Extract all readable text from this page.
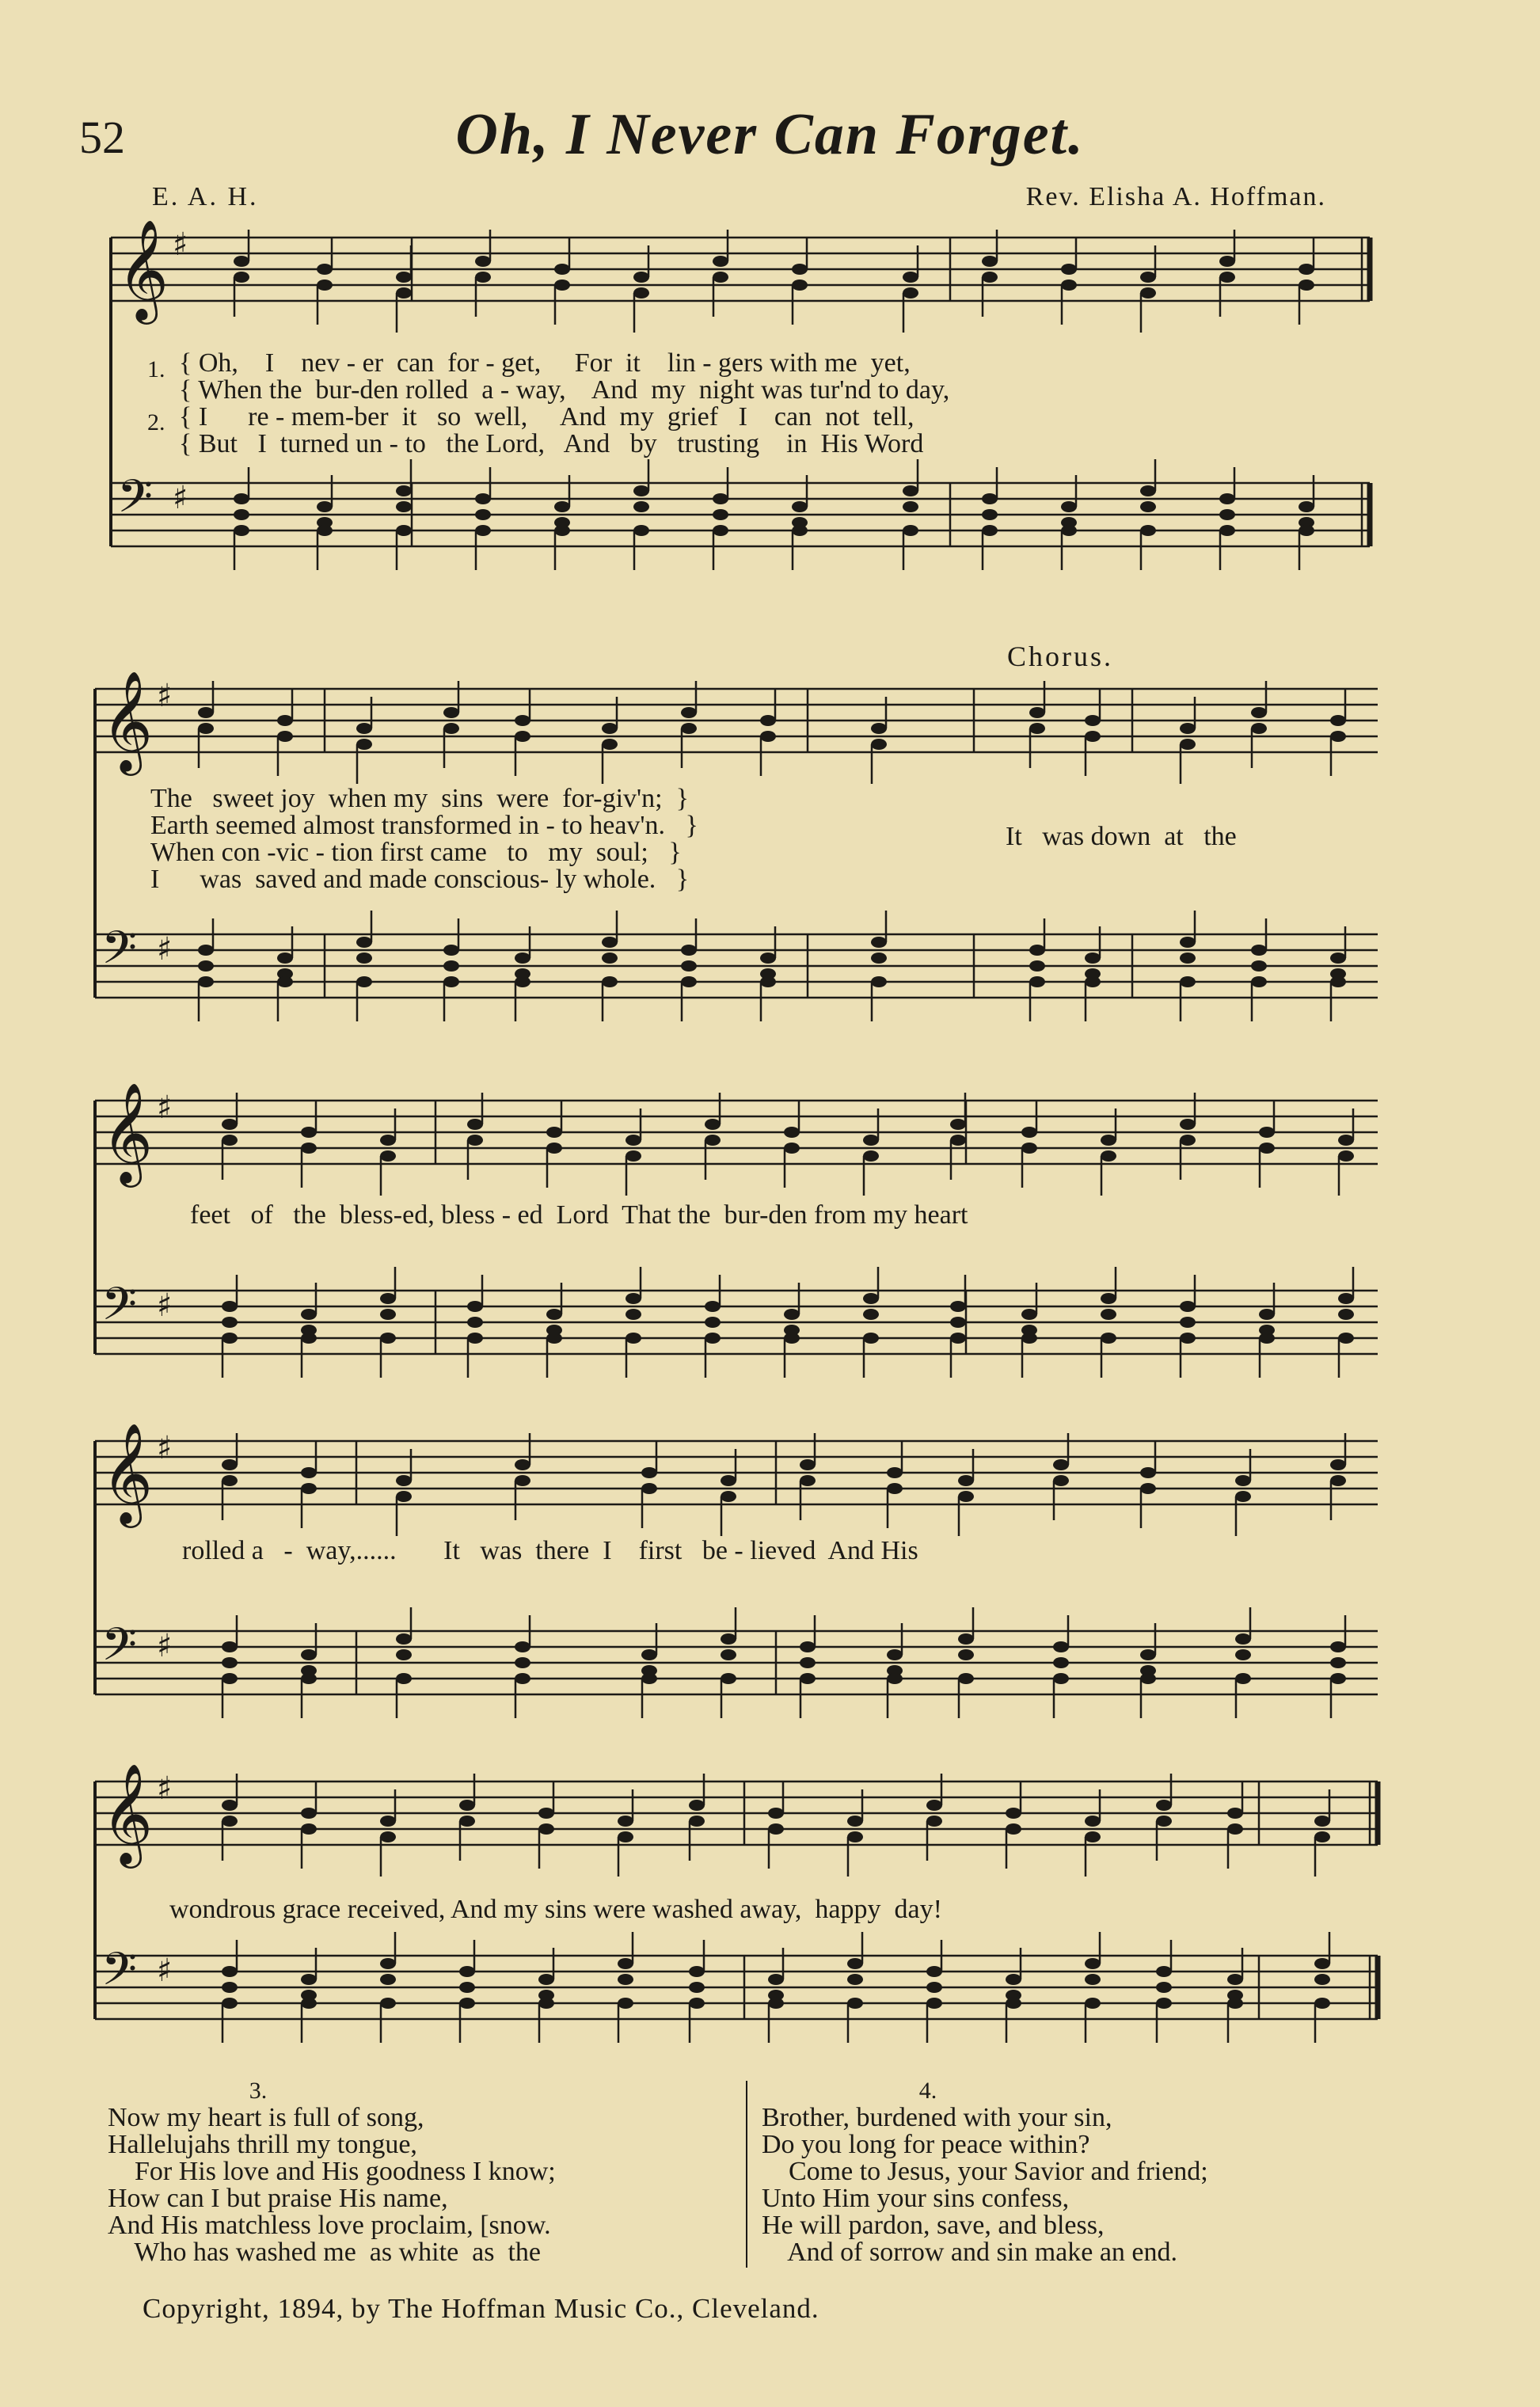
52	Oh, I Never Can Forget.
E. A. H.	Rev. Elisha A. Hoffman.
𝄞 ♯
𝄢 ♯
1.
2.
{ Oh,    I    nev - er  can  for - get,     For  it    lin - gers with me  yet,
{ When the  bur-den rolled  a - way,    And  my  night was tur'nd to day,
{ I      re - mem-ber  it   so  well,     And  my  grief   I    can  not  tell,
{ But   I  turned un - to   the Lord,   And   by   trusting    in  His Word
Chorus.
𝄞 ♯
𝄢 ♯
The   sweet joy  when my  sins  were  for-giv'n;  }
Earth seemed almost transformed in - to heav'n.   }
When con -vic - tion first came   to   my  soul;   }
I      was  saved and made conscious- ly whole.   }
It   was down  at   the
𝄞 ♯
𝄢 ♯
feet   of   the  bless-ed, bless - ed  Lord  That the  bur-den from my heart
𝄞 ♯
𝄢 ♯
rolled a   -  way,......       It   was  there  I    first   be - lieved  And His
𝄞 ♯
𝄢 ♯
wondrous grace received, And my sins were washed away,  happy  day!
3.
Now my heart is full of song,
Hallelujahs thrill my tongue,
For His love and His goodness I know;
How can I but praise His name,
And His matchless love proclaim, [snow.
Who has washed me  as white  as  the
4.
Brother, burdened with your sin,
Do you long for peace within?
Come to Jesus, your Savior and friend;
Unto Him your sins confess,
He will pardon, save, and bless,
And of sorrow and sin make an end.
Copyright, 1894, by The Hoffman Music Co., Cleveland.
